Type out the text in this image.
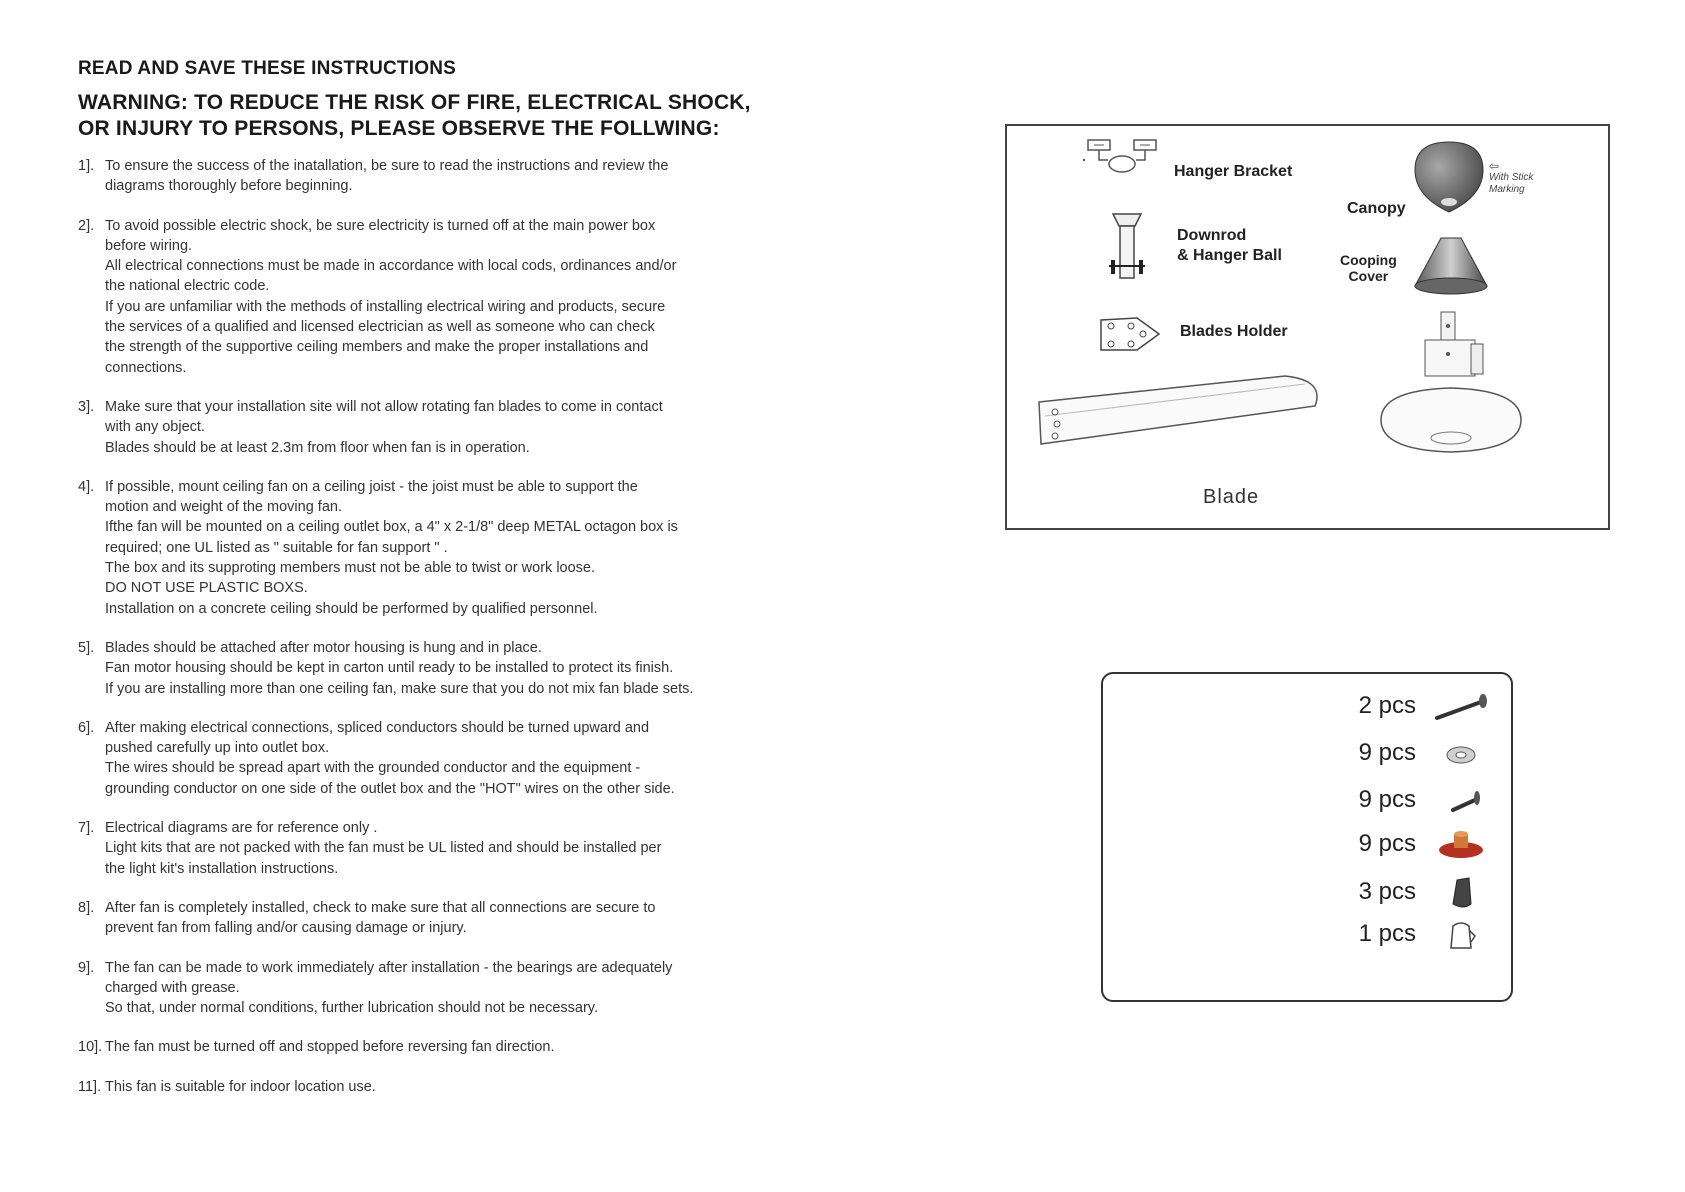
READ AND SAVE THESE INSTRUCTIONS
WARNING: TO REDUCE THE RISK OF FIRE, ELECTRICAL SHOCK,
OR INJURY TO PERSONS, PLEASE OBSERVE THE FOLLWING:
1]. To ensure the success of the inatallation, be sure to read the instructions and review the
diagrams thoroughly before beginning.
2]. To avoid possible electric shock, be sure electricity is turned off at the main power box
before wiring.
All electrical connections must be made in accordance with local cods, ordinances and/or
the national electric code.
If you are unfamiliar with the methods of installing electrical wiring and products, secure
the services of a qualified and licensed electrician as well as someone who can check
the strength of the supportive ceiling members and make the proper installations and
connections.
3]. Make sure that your installation site will not allow rotating fan blades to come in contact
with any object.
Blades should be at least 2.3m from floor when fan is in operation.
4]. If possible, mount ceiling fan on a ceiling joist - the joist must be able to support the
motion and weight of the moving fan.
Ifthe fan will be mounted on a ceiling outlet box, a 4" x 2-1/8" deep METAL octagon box is
required; one UL listed as " suitable for fan support " .
The box and its supproting members must not be able to twist or work loose.
DO NOT USE PLASTIC BOXS.
Installation on a concrete ceiling should be performed by qualified personnel.
5]. Blades should be attached after motor housing is hung and in place.
Fan motor housing should be kept in carton until ready to be installed to protect its finish.
If you are installing more than one ceiling fan, make sure that you do not mix fan blade sets.
6]. After making electrical connections, spliced conductors should be turned upward and
pushed carefully up into outlet box.
The wires should be spread apart with the grounded conductor and the equipment -
grounding conductor on one side of the outlet box and the "HOT" wires on the other side.
7]. Electrical diagrams are for reference only .
Light kits that are not packed with the fan must be UL listed and should be installed per
the light kit's installation instructions.
8]. After fan is completely installed, check to make sure that all connections are secure to
prevent fan from falling and/or causing damage or injury.
9]. The fan can be made to work immediately after installation - the bearings are adequately
charged with grease.
So that, under normal conditions, further lubrication should not be necessary.
10]. The fan must be turned off and stopped before reversing fan direction.
11]. This fan is suitable for indoor location use.
Hanger Bracket
Downrod
& Hanger Ball
Blades Holder
Blade
⇦
With Stick
Marking
Canopy
Cooping
Cover
2 pcs
9 pcs
9 pcs
9 pcs
3 pcs
1 pcs
